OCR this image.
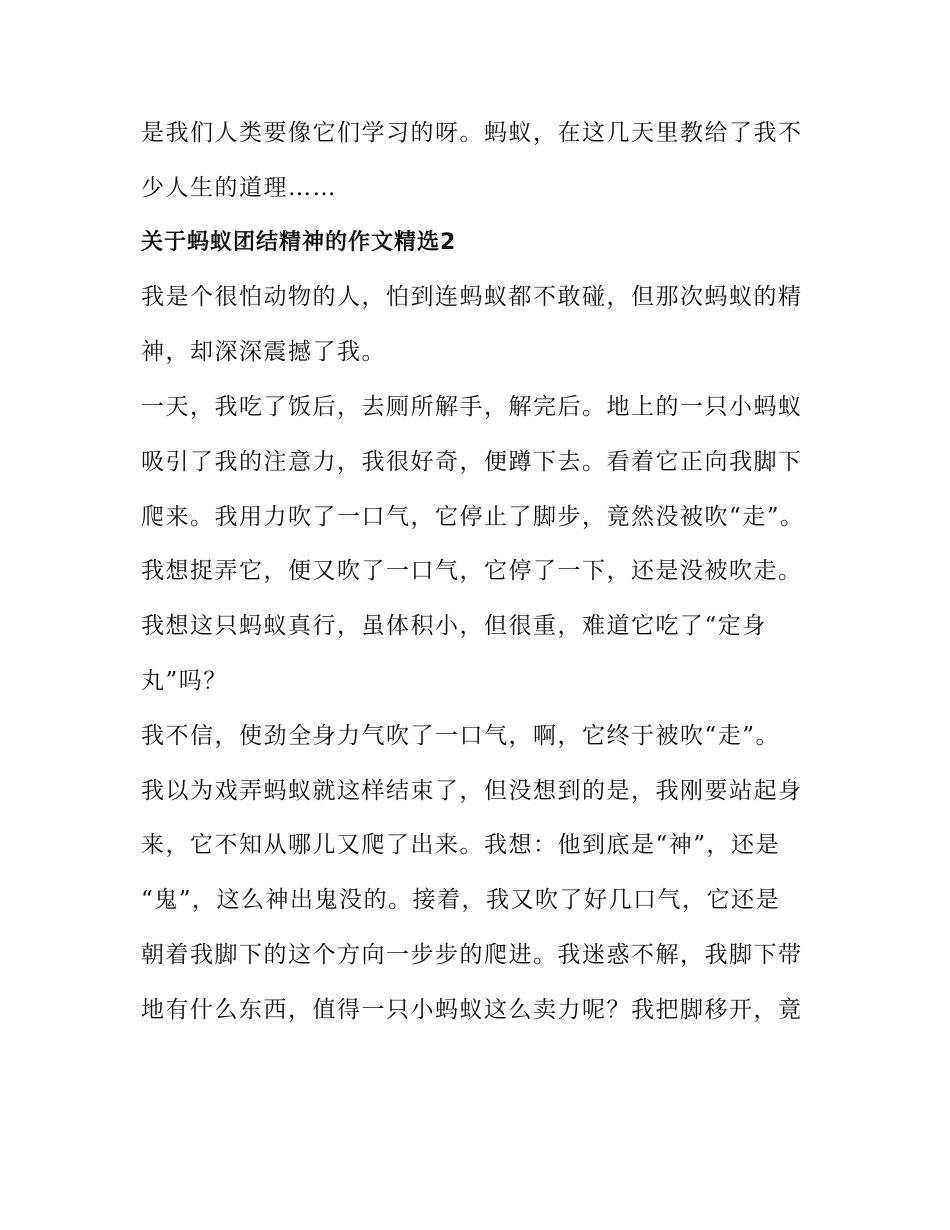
是我们人类要像它们学习的呀。蚂蚁，在这几天里教给了我不
少人生的道理……
关于蚂蚁团结精神的作文精选2
我是个很怕动物的人，怕到连蚂蚁都不敢碰，但那次蚂蚁的精
神，却深深震撼了我。
一天，我吃了饭后，去厕所解手，解完后。地上的一只小蚂蚁
吸引了我的注意力，我很好奇，便蹲下去。看着它正向我脚下
爬来。我用力吹了一口气，它停止了脚步，竟然没被吹“走”。
我想捉弄它，便又吹了一口气，它停了一下，还是没被吹走。
我想这只蚂蚁真行，虽体积小，但很重，难道它吃了“定身
丸”吗？
我不信，使劲全身力气吹了一口气，啊，它终于被吹“走”。
我以为戏弄蚂蚁就这样结束了，但没想到的是，我刚要站起身
来，它不知从哪儿又爬了出来。我想：他到底是“神”，还是
“鬼”，这么神出鬼没的。接着，我又吹了好几口气，它还是
朝着我脚下的这个方向一步步的爬进。我迷惑不解，我脚下带
地有什么东西，值得一只小蚂蚁这么卖力呢？我把脚移开，竟
